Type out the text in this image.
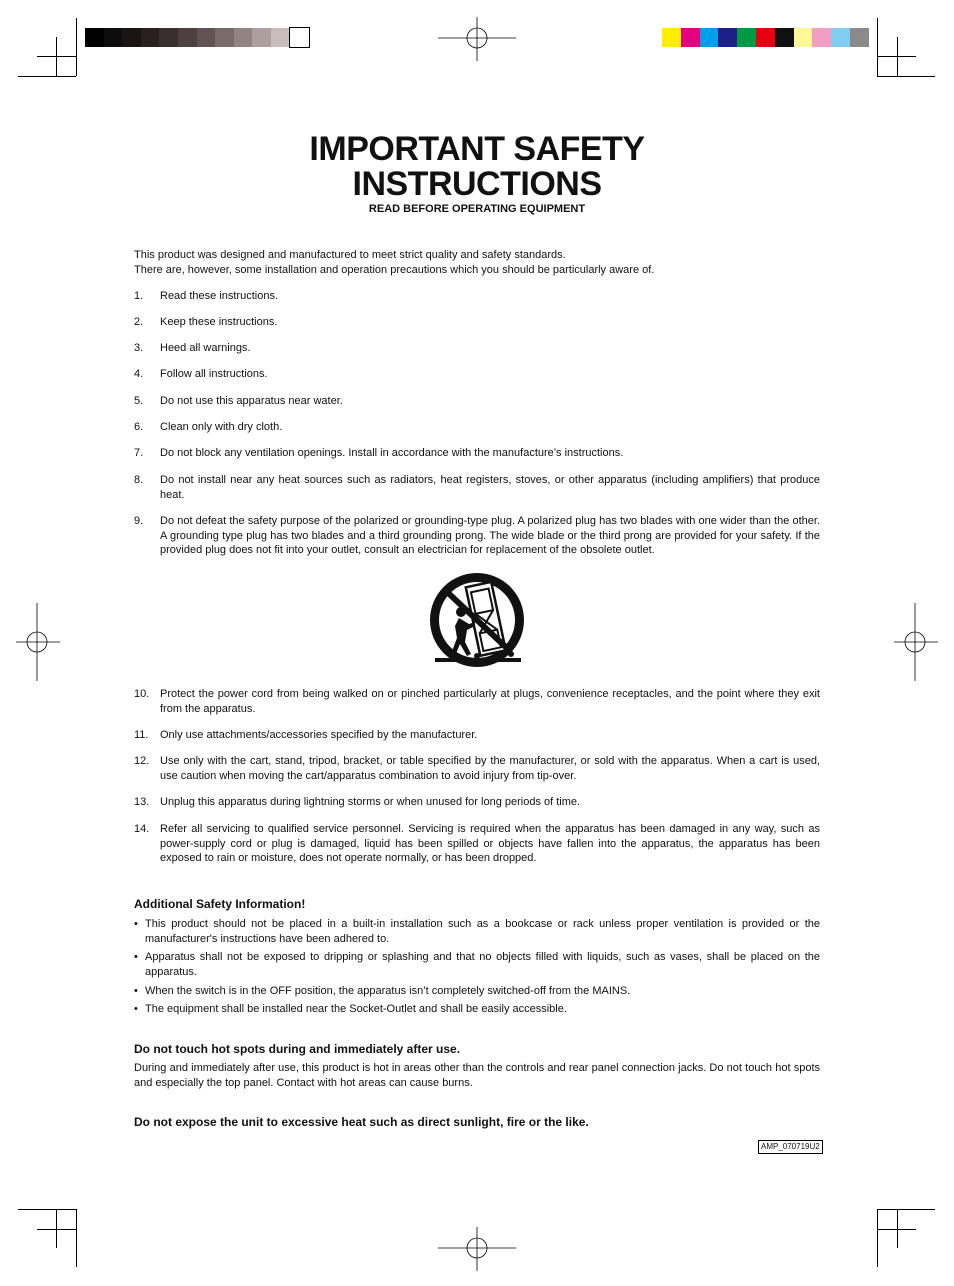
IMPORTANT SAFETY
INSTRUCTIONS
READ BEFORE OPERATING EQUIPMENT
This product was designed and manufactured to meet strict quality and safety standards.
There are, however, some installation and operation precautions which you should be particularly aware of.
1. Read these instructions.
2. Keep these instructions.
3. Heed all warnings.
4. Follow all instructions.
5. Do not use this apparatus near water.
6. Clean only with dry cloth.
7. Do not block any ventilation openings. Install in accordance with the manufacture’s instructions.
8. Do not install near any heat sources such as radiators, heat registers, stoves, or other apparatus (including amplifiers) that produce heat.
9. Do not defeat the safety purpose of the polarized or grounding-type plug. A polarized plug has two blades with one wider than the other. A grounding type plug has two blades and a third grounding prong. The wide blade or the third prong are provided for your safety. If the provided plug does not fit into your outlet, consult an electrician for replacement of the obsolete outlet.
10. Protect the power cord from being walked on or pinched particularly at plugs, convenience receptacles, and the point where they exit from the apparatus.
11. Only use attachments/accessories specified by the manufacturer.
12. Use only with the cart, stand, tripod, bracket, or table specified by the manufacturer, or sold with the apparatus. When a cart is used, use caution when moving the cart/apparatus combination to avoid injury from tip-over.
13. Unplug this apparatus during lightning storms or when unused for long periods of time.
14. Refer all servicing to qualified service personnel. Servicing is required when the apparatus has been damaged in any way, such as power-supply cord or plug is damaged, liquid has been spilled or objects have fallen into the apparatus, the apparatus has been exposed to rain or moisture, does not operate normally, or has been dropped.
Additional Safety Information!
• This product should not be placed in a built-in installation such as a bookcase or rack unless proper ventilation is provided or the manufacturer's instructions have been adhered to.
• Apparatus shall not be exposed to dripping or splashing and that no objects filled with liquids, such as vases, shall be placed on the apparatus.
• When the switch is in the OFF position, the apparatus isn’t completely switched-off from the MAINS.
• The equipment shall be installed near the Socket-Outlet and shall be easily accessible.
Do not touch hot spots during and immediately after use.
During and immediately after use, this product is hot in areas other than the controls and rear panel connection jacks. Do not touch hot spots and especially the top panel. Contact with hot areas can cause burns.
Do not expose the unit to excessive heat such as direct sunlight, fire or the like.
AMP_070719U2
